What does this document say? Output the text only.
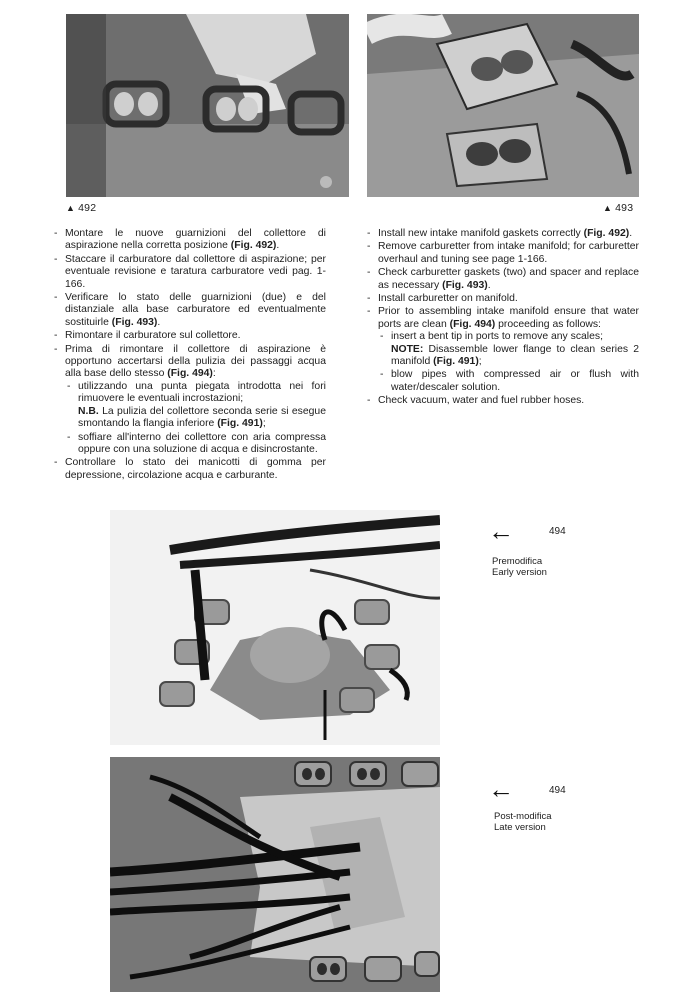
▲ 492	▲ 493
- Montare le nuove guarnizioni del collettore di aspirazione nella corretta posizione (Fig. 492).
- Staccare il carburatore dal collettore di aspirazione; per eventuale revisione e taratura carburatore vedi pag. 1-166.
- Verificare lo stato delle guarnizioni (due) e del distanziale alla base carburatore ed eventualmente sostituirle (Fig. 493).
- Rimontare il carburatore sul collettore.
- Prima di rimontare il collettore di aspirazione è opportuno accertarsi della pulizia dei passaggi acqua alla base dello stesso (Fig. 494):
- utilizzando una punta piegata introdotta nei fori rimuovere le eventuali incrostazioni;
N.B. La pulizia del collettore seconda serie si esegue smontando la flangia inferiore (Fig. 491);
- soffiare all'interno dei collettore con aria compressa oppure con una soluzione di acqua e disincrostante.
- Controllare lo stato dei manicotti di gomma per depressione, circolazione acqua e carburante.
- Install new intake manifold gaskets correctly (Fig. 492).
- Remove carburetter from intake manifold; for carburetter overhaul and tuning see page 1-166.
- Check carburetter gaskets (two) and spacer and replace as necessary (Fig. 493).
- Install carburetter on manifold.
- Prior to assembling intake manifold ensure that water ports are clean (Fig. 494) proceeding as follows:
- insert a bent tip in ports to remove any scales;
NOTE: Disassemble lower flange to clean series 2 manifold (Fig. 491);
- blow pipes with compressed air or flush with water/descaler solution.
- Check vacuum, water and fuel rubber hoses.
←	494
Premodifica
Early version
←	494
Post-modifica
Late version
